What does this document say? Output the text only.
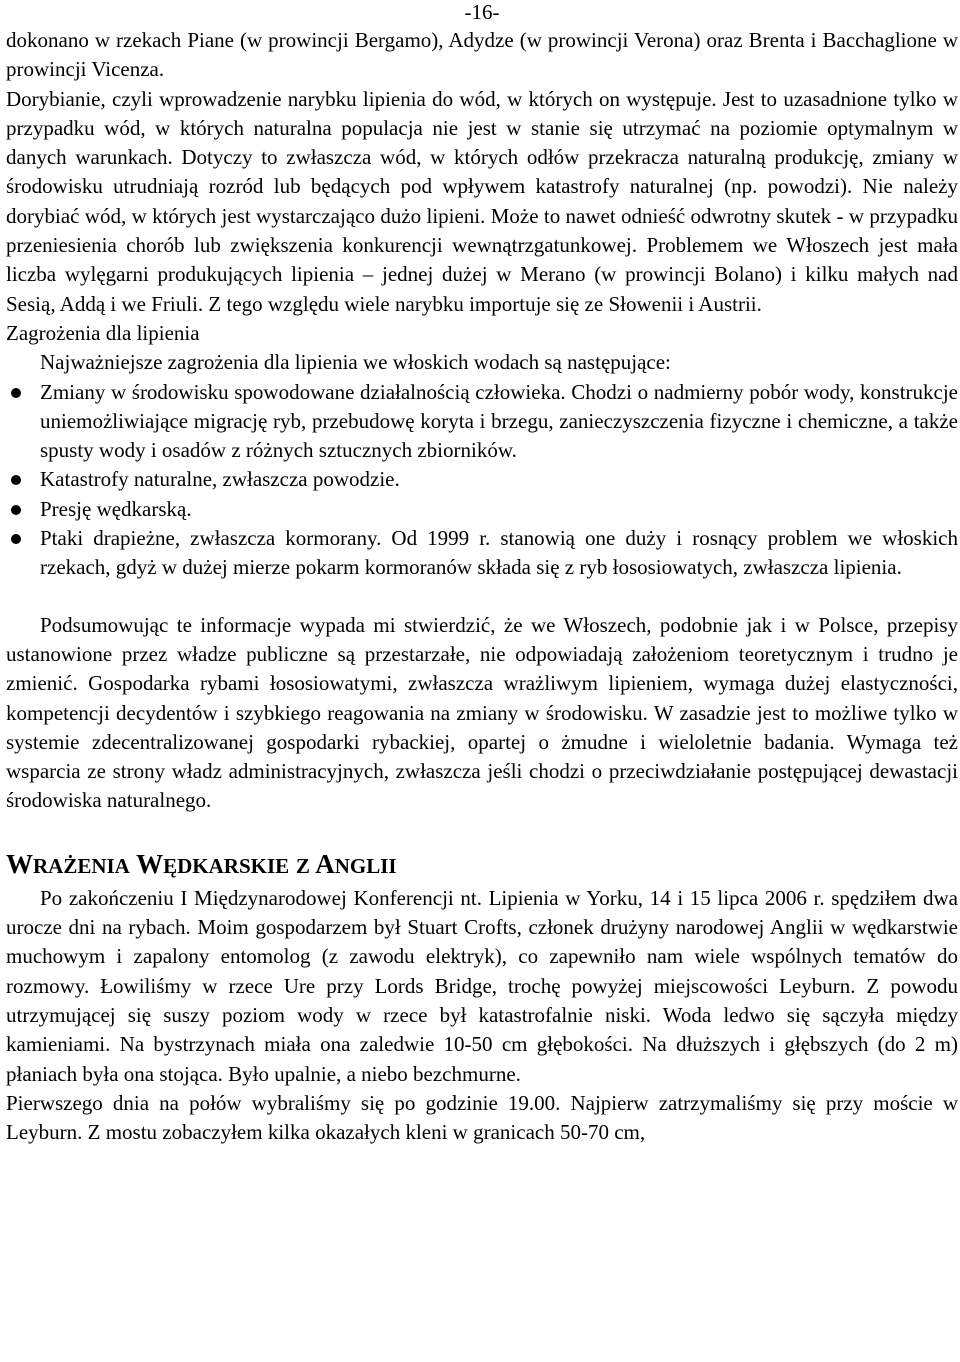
-16-

dokonano w rzekach Piane (w prowincji Bergamo), Adydze (w prowincji Verona) oraz Brenta i Bacchaglione w prowincji Vicenza.

Dorybianie, czyli wprowadzenie narybku lipienia do wód, w których on występuje. Jest to uzasadnione tylko w przypadku wód, w których naturalna populacja nie jest w stanie się utrzymać na poziomie optymalnym w danych warunkach. Dotyczy to zwłaszcza wód, w których odłów przekracza naturalną produkcję, zmiany w środowisku utrudniają rozród lub będących pod wpływem katastrofy naturalnej (np. powodzi). Nie należy dorybiać wód, w których jest wystarczająco dużo lipieni. Może to nawet odnieść odwrotny skutek - w przypadku przeniesienia chorób lub zwiększenia konkurencji wewnątrzgatunkowej. Problemem we Włoszech jest mała liczba wylęgarni produkujących lipienia – jednej dużej w Merano (w prowincji Bolano) i kilku małych nad Sesią, Addą i we Friuli. Z tego względu wiele narybku importuje się ze Słowenii i Austrii.

Zagrożenia dla lipienia

Najważniejsze zagrożenia dla lipienia we włoskich wodach są następujące:

Zmiany w środowisku spowodowane działalnością człowieka. Chodzi o nadmierny pobór wody, konstrukcje uniemożliwiające migrację ryb, przebudowę koryta i brzegu, zanieczyszczenia fizyczne i chemiczne, a także spusty wody i osadów z różnych sztucznych zbiorników.
Katastrofy naturalne, zwłaszcza powodzie.
Presję wędkarską.
Ptaki drapieżne, zwłaszcza kormorany. Od 1999 r. stanowią one duży i rosnący problem we włoskich rzekach, gdyż w dużej mierze pokarm kormoranów składa się z ryb łososiowatych, zwłaszcza lipienia.

Podsumowując te informacje wypada mi stwierdzić, że we Włoszech, podobnie jak i w Polsce, przepisy ustanowione przez władze publiczne są przestarzałe, nie odpowiadają założeniom teoretycznym i trudno je zmienić. Gospodarka rybami łososiowatymi, zwłaszcza wrażliwym lipieniem, wymaga dużej elastyczności, kompetencji decydentów i szybkiego reagowania na zmiany w środowisku. W zasadzie jest to możliwe tylko w systemie zdecentralizowanej gospodarki rybackiej, opartej o żmudne i wieloletnie badania. Wymaga też wsparcia ze strony władz administracyjnych, zwłaszcza jeśli chodzi o przeciwdziałanie postępującej dewastacji środowiska naturalnego.

WRAŻENIA WĘDKARSKIE Z ANGLII

Po zakończeniu I Międzynarodowej Konferencji nt. Lipienia w Yorku, 14 i 15 lipca 2006 r. spędziłem dwa urocze dni na rybach. Moim gospodarzem był Stuart Crofts, członek drużyny narodowej Anglii w wędkarstwie muchowym i zapalony entomolog (z zawodu elektryk), co zapewniło nam wiele wspólnych tematów do rozmowy. Łowiliśmy w rzece Ure przy Lords Bridge, trochę powyżej miejscowości Leyburn. Z powodu utrzymującej się suszy poziom wody w rzece był katastrofalnie niski. Woda ledwo się sączyła między kamieniami. Na bystrzynach miała ona zaledwie 10-50 cm głębokości. Na dłuższych i głębszych (do 2 m) płaniach była ona stojąca. Było upalnie, a niebo bezchmurne.

Pierwszego dnia na połów wybraliśmy się po godzinie 19.00. Najpierw zatrzymaliśmy się przy moście w Leyburn. Z mostu zobaczyłem kilka okazałych kleni w granicach 50-70 cm,
